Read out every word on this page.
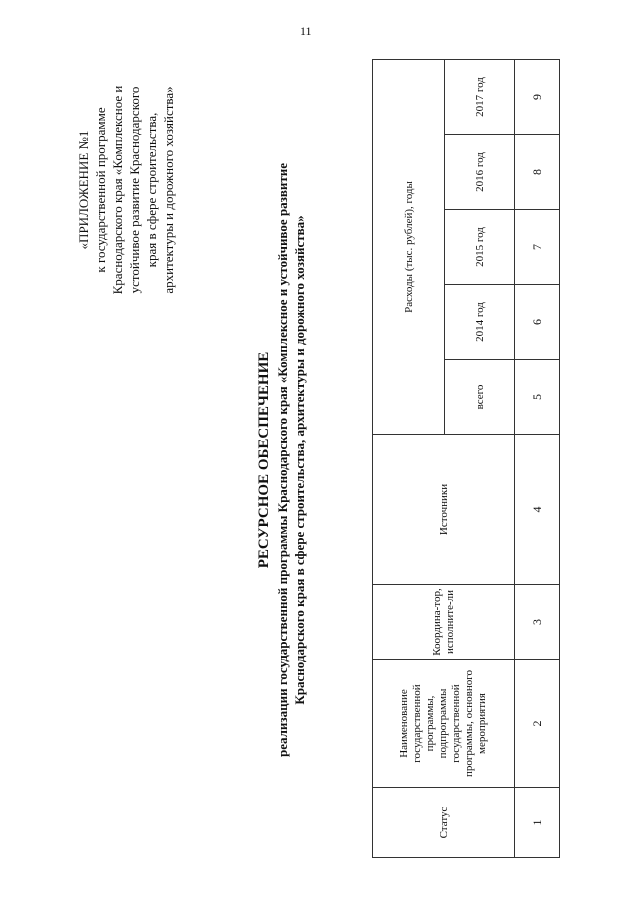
11
«ПРИЛОЖЕНИЕ №1 к государственной программе Краснодарского края «Комплексное и устойчивое развитие Краснодарского края в сфере строительства, архитектуры и дорожного хозяйства»
РЕСУРСНОЕ ОБЕСПЕЧЕНИЕ реализации государственной программы Краснодарского края «Комплексное и устойчивое развитие Краснодарского края в сфере строительства, архитектуры и дорожного хозяйства»
Статус	Наименование государственной программы, подпрограммы государственной программы, основного мероприятия	Координа-тор, исполните-ли	Источники	Расходы (тыс. рублей), годы				
				всего	2014 год	2015 год	2016 год	2017 год
1	2	3	4	5	6	7	8	9
